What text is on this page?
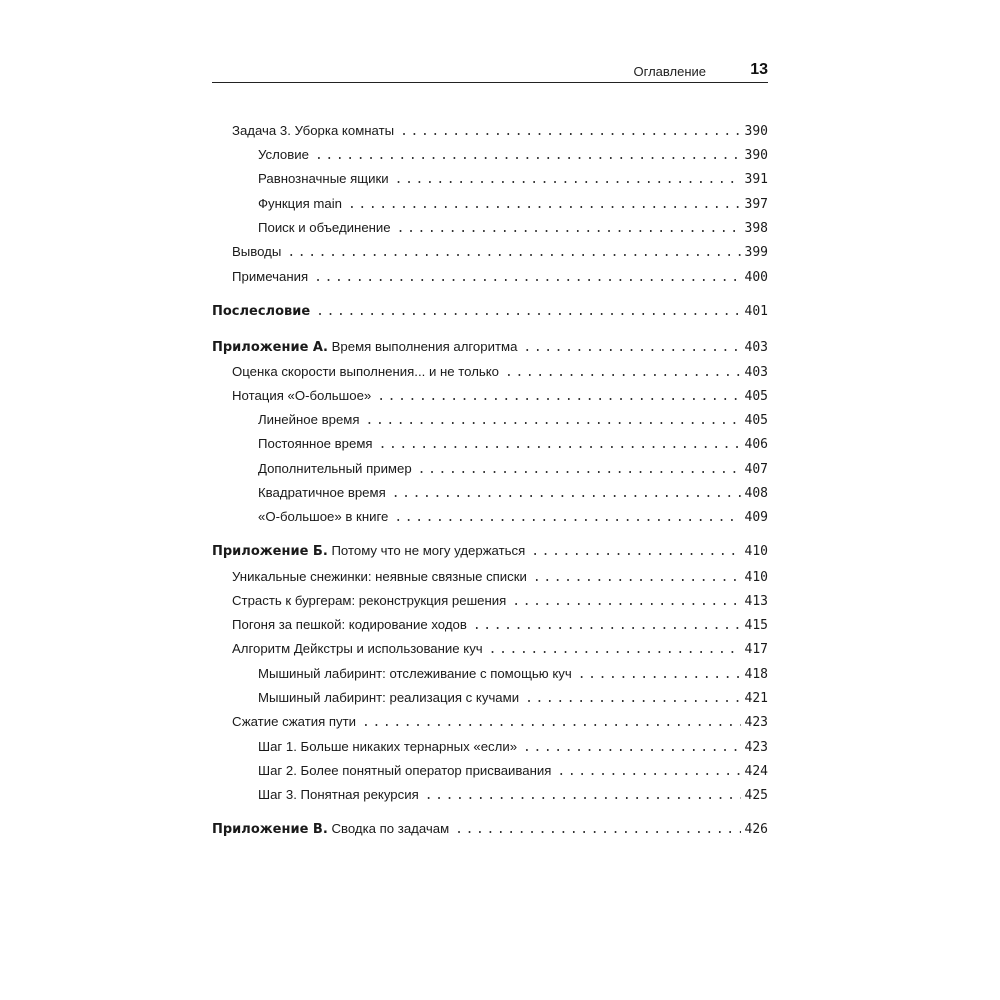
Оглавление	13
Задача 3. Уборка комнаты .....	390
Условие .....	390
Равнозначные ящики .....	391
Функция main .....	397
Поиск и объединение .....	398
Выводы .....	399
Примечания .....	400
Послесловие .....	401
Приложение А. Время выполнения алгоритма .....	403
Оценка скорости выполнения... и не только .....	403
Нотация «О-большое» .....	405
Линейное время .....	405
Постоянное время .....	406
Дополнительный пример .....	407
Квадратичное время .....	408
«О-большое» в книге .....	409
Приложение Б. Потому что не могу удержаться .....	410
Уникальные снежинки: неявные связные списки .....	410
Страсть к бургерам: реконструкция решения .....	413
Погоня за пешкой: кодирование ходов .....	415
Алгоритм Дейкстры и использование куч .....	417
Мышиный лабиринт: отслеживание с помощью куч .....	418
Мышиный лабиринт: реализация с кучами .....	421
Сжатие сжатия пути .....	423
Шаг 1. Больше никаких тернарных «если» .....	423
Шаг 2. Более понятный оператор присваивания .....	424
Шаг 3. Понятная рекурсия .....	425
Приложение В. Сводка по задачам .....	426
